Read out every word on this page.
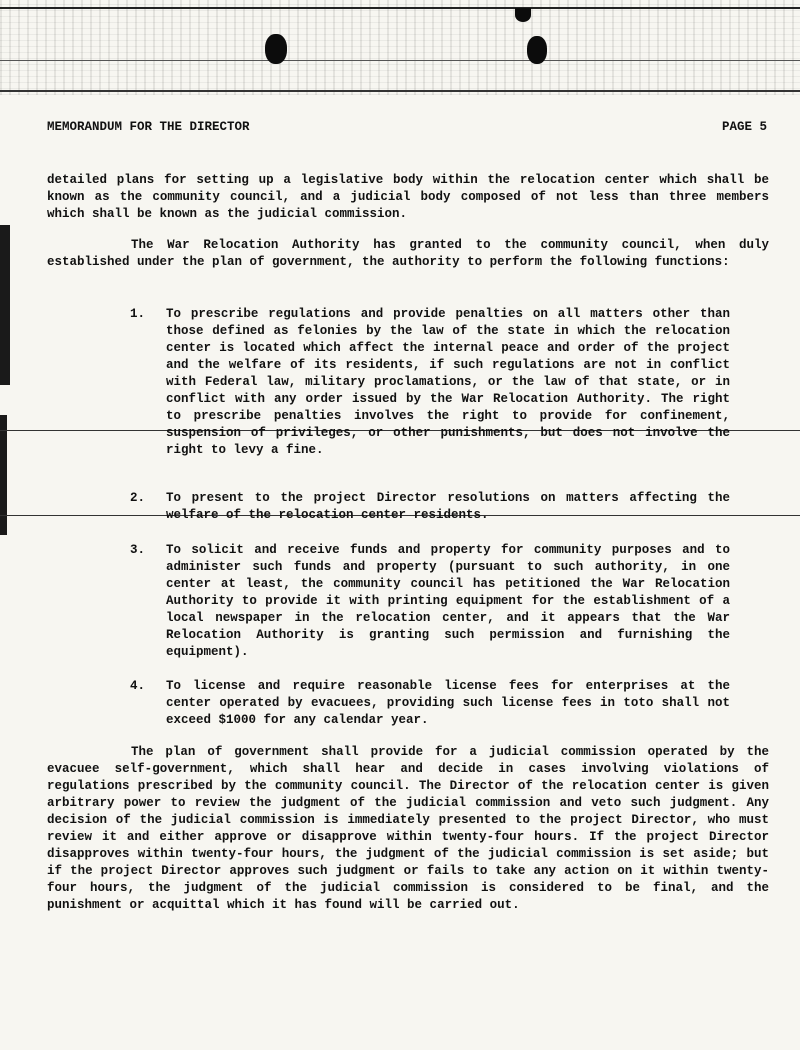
MEMORANDUM FOR THE DIRECTOR	PAGE 5
detailed plans for setting up a legislative body within the relocation center which shall be known as the community council, and a judicial body composed of not less than three members which shall be known as the judicial commission.
The War Relocation Authority has granted to the community council, when duly established under the plan of government, the authority to perform the following functions:
1.	To prescribe regulations and provide penalties on all matters other than those defined as felonies by the law of the state in which the relocation center is located which affect the internal peace and order of the project and the welfare of its residents, if such regulations are not in conflict with Federal law, military proclamations, or the law of that state, or in conflict with any order issued by the War Relocation Authority. The right to prescribe penalties involves the right to provide for confinement, suspension of privileges, or other punishments, but does not involve the right to levy a fine.
2.	To present to the project Director resolutions on matters affecting the welfare of the relocation center residents.
3.	To solicit and receive funds and property for community purposes and to administer such funds and property (pursuant to such authority, in one center at least, the community council has petitioned the War Relocation Authority to provide it with printing equipment for the establishment of a local newspaper in the relocation center, and it appears that the War Relocation Authority is granting such permission and furnishing the equipment).
4.	To license and require reasonable license fees for enterprises at the center operated by evacuees, providing such license fees in toto shall not exceed $1000 for any calendar year.
The plan of government shall provide for a judicial commission operated by the evacuee self-government, which shall hear and decide in cases involving violations of regulations prescribed by the community council. The Director of the relocation center is given arbitrary power to review the judgment of the judicial commission and veto such judgment. Any decision of the judicial commission is immediately presented to the project Director, who must review it and either approve or disapprove within twenty-four hours. If the project Director disapproves within twenty-four hours, the judgment of the judicial commission is set aside; but if the project Director approves such judgment or fails to take any action on it within twenty-four hours, the judgment of the judicial commission is considered to be final, and the punishment or acquittal which it has found will be carried out.
